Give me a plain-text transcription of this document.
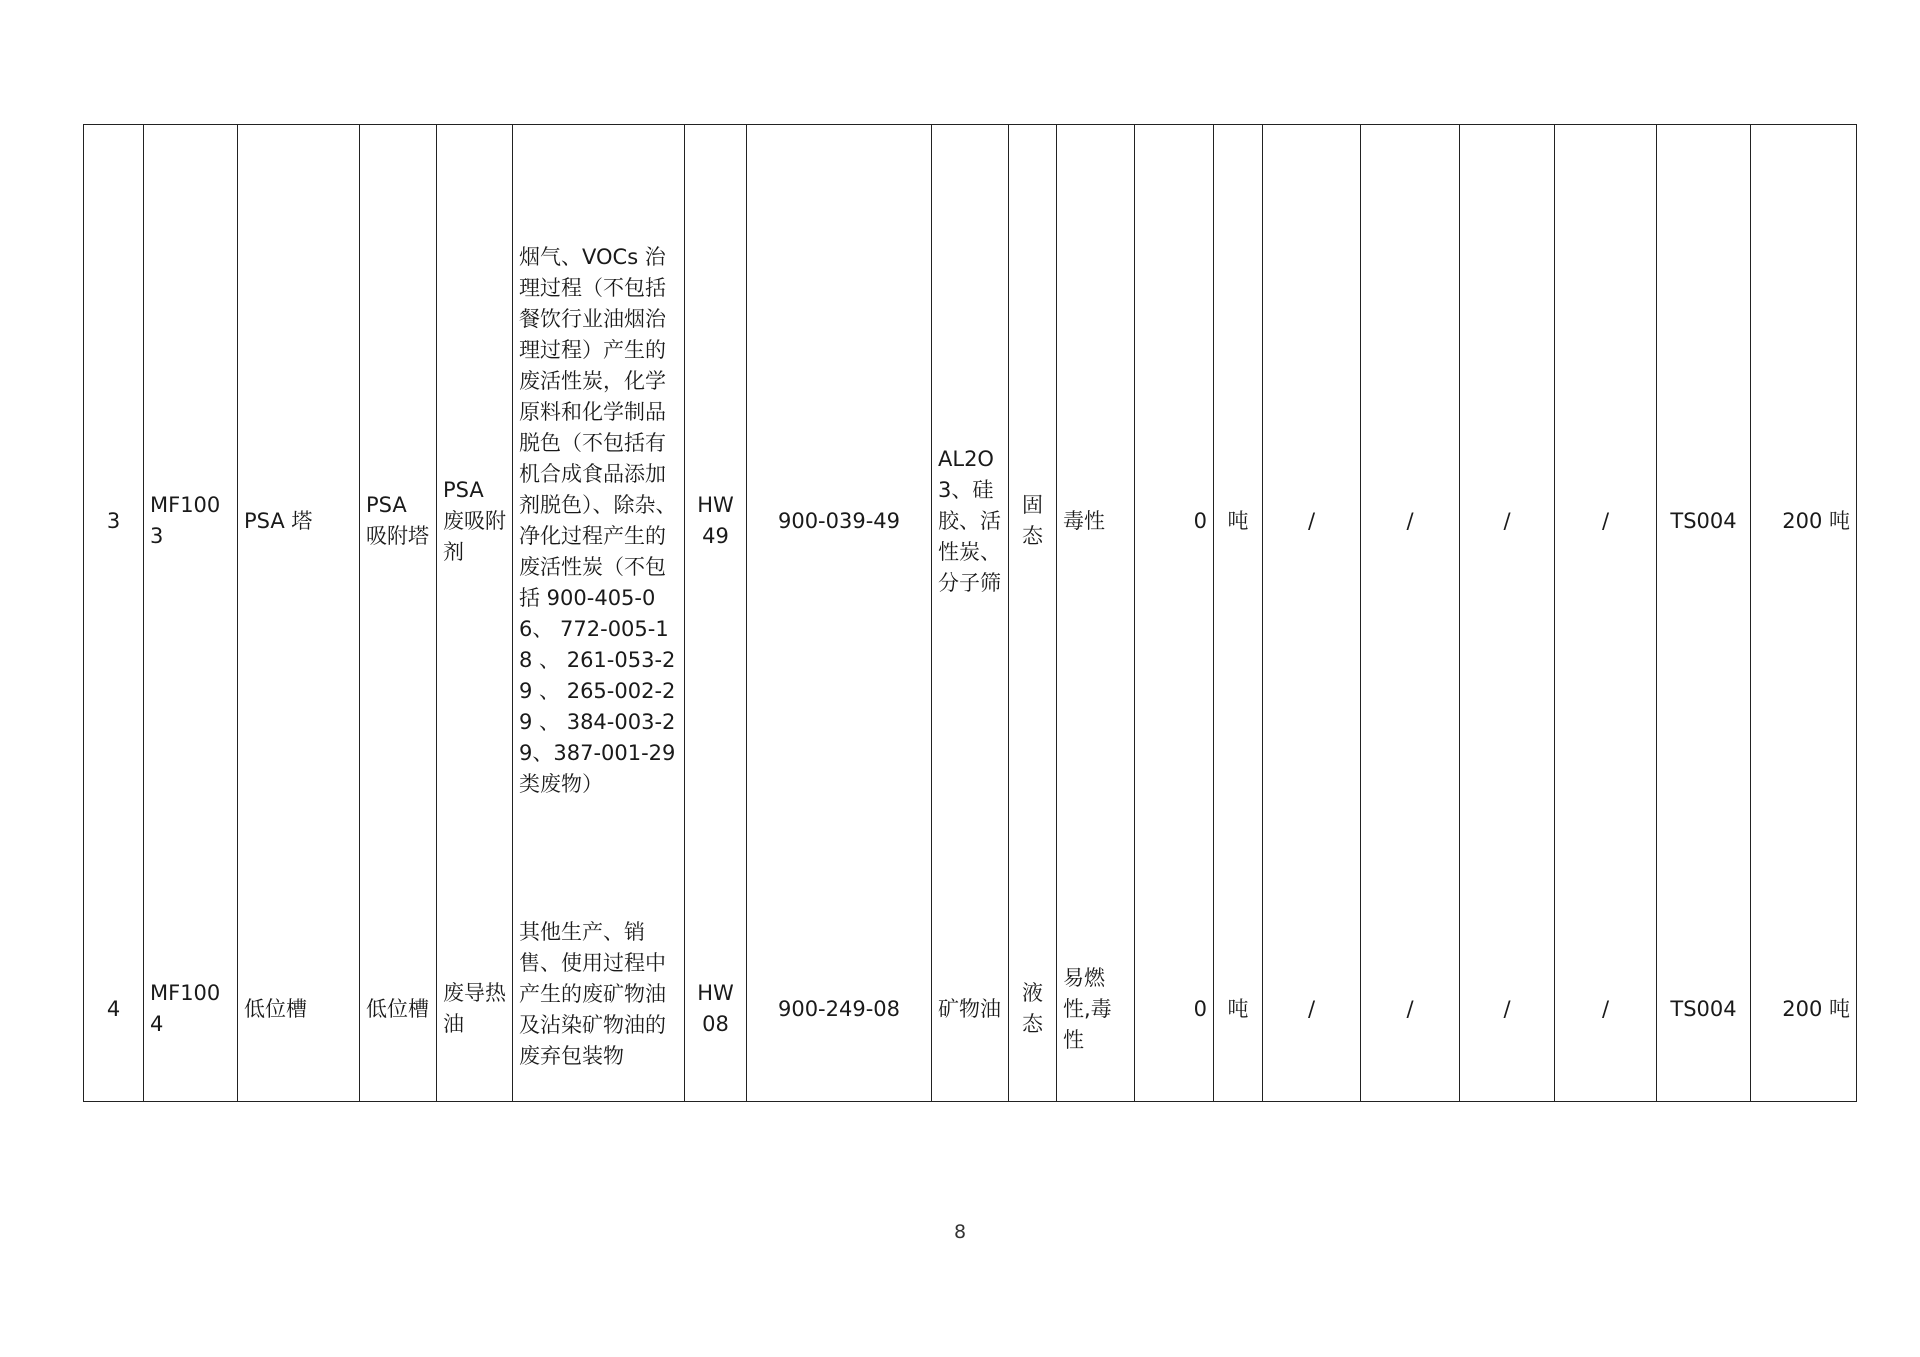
3	MF1003	PSA 塔	PSA 吸附塔	PSA 废吸附剂	烟气、VOCs 治理过程（不包括餐饮行业油烟治理过程）产生的废活性炭，化学原料和化学制品脱色（不包括有机合成食品添加剂脱色）、除杂、净化过程产生的废活性炭（不包括 900-405-06、 772-005-18 、 261-053-29 、 265-002-29 、 384-003-29、387-001-29 类废物）	HW49	900-039-49	AL2O3、硅胶、活性炭、分子筛	固态	毒性	0	吨	/	/	/	/	TS004	200 吨
4	MF1004	低位槽	低位槽	废导热油	其他生产、销售、使用过程中产生的废矿物油及沾染矿物油的废弃包装物	HW08	900-249-08	矿物油	液态	易燃性,毒性	0	吨	/	/	/	/	TS004	200 吨
8
